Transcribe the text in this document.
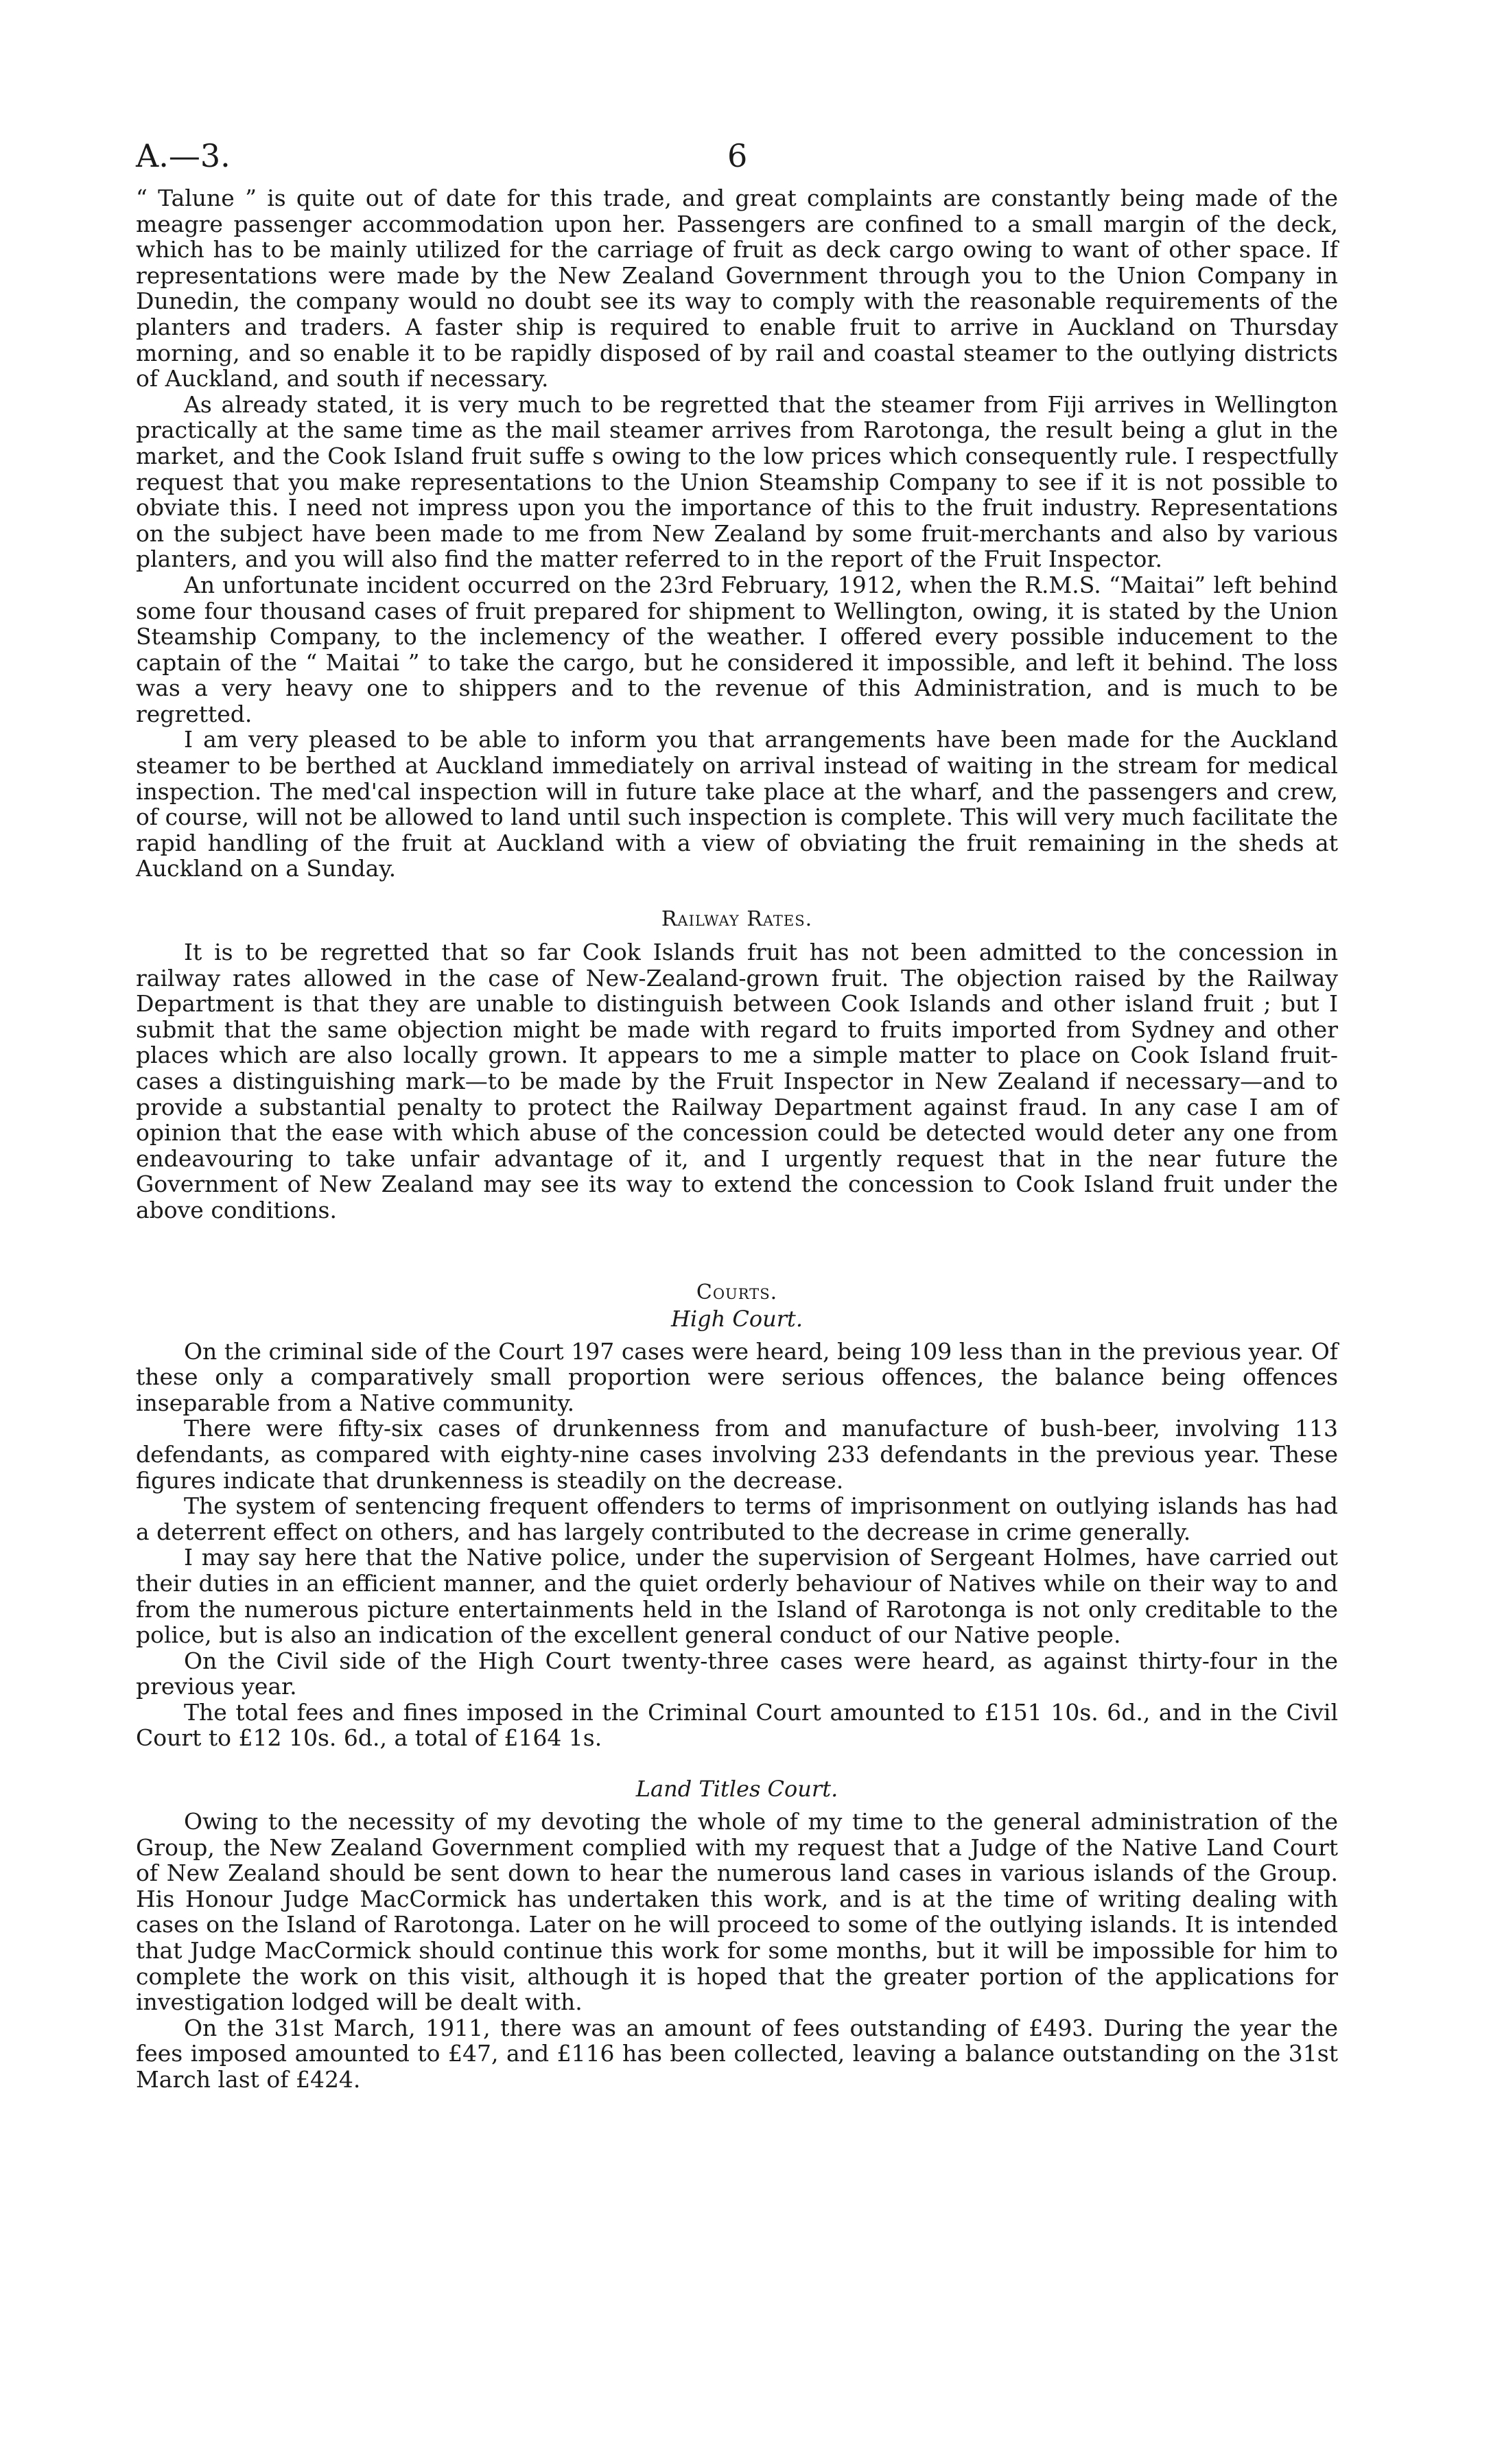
A.—3.	6

“ Talune ” is quite out of date for this trade, and great complaints are constantly being made of the meagre passenger accommodation upon her. Passengers are confined to a small margin of the deck, which has to be mainly utilized for the carriage of fruit as deck cargo owing to want of other space. If representations were made by the New Zealand Government through you to the Union Company in Dunedin, the company would no doubt see its way to comply with the reasonable requirements of the planters and traders. A faster ship is required to enable fruit to arrive in Auckland on Thursday morning, and so enable it to be rapidly disposed of by rail and coastal steamer to the outlying districts of Auckland, and south if necessary.

As already stated, it is very much to be regretted that the steamer from Fiji arrives in Wellington practically at the same time as the mail steamer arrives from Rarotonga, the result being a glut in the market, and the Cook Island fruit suffe s owing to the low prices which consequently rule. I respectfully request that you make representations to the Union Steamship Company to see if it is not possible to obviate this. I need not impress upon you the importance of this to the fruit industry. Representations on the subject have been made to me from New Zealand by some fruit-merchants and also by various planters, and you will also find the matter referred to in the report of the Fruit Inspector.

An unfortunate incident occurred on the 23rd February, 1912, when the R.M.S. “Maitai” left behind some four thousand cases of fruit prepared for shipment to Wellington, owing, it is stated by the Union Steamship Company, to the inclemency of the weather. I offered every possible inducement to the captain of the “ Maitai ” to take the cargo, but he considered it impossible, and left it behind. The loss was a very heavy one to shippers and to the revenue of this Administration, and is much to be regretted.

I am very pleased to be able to inform you that arrangements have been made for the Auckland steamer to be berthed at Auckland immediately on arrival instead of waiting in the stream for medical inspection. The med'cal inspection will in future take place at the wharf, and the passengers and crew, of course, will not be allowed to land until such inspection is complete. This will very much facilitate the rapid handling of the fruit at Auckland with a view of obviating the fruit remaining in the sheds at Auckland on a Sunday.

Railway Rates.

It is to be regretted that so far Cook Islands fruit has not been admitted to the concession in railway rates allowed in the case of New-Zealand-grown fruit. The objection raised by the Railway Department is that they are unable to distinguish between Cook Islands and other island fruit ; but I submit that the same objection might be made with regard to fruits imported from Sydney and other places which are also locally grown. It appears to me a simple matter to place on Cook Island fruit-cases a distinguishing mark—to be made by the Fruit Inspector in New Zealand if necessary—and to provide a substantial penalty to protect the Railway Department against fraud. In any case I am of opinion that the ease with which abuse of the concession could be detected would deter any one from endeavouring to take unfair advantage of it, and I urgently request that in the near future the Government of New Zealand may see its way to extend the concession to Cook Island fruit under the above conditions.

Courts.
High Court.

On the criminal side of the Court 197 cases were heard, being 109 less than in the previous year. Of these only a comparatively small proportion were serious offences, the balance being offences inseparable from a Native community.

There were fifty-six cases of drunkenness from and manufacture of bush-beer, involving 113 defendants, as compared with eighty-nine cases involving 233 defendants in the previous year. These figures indicate that drunkenness is steadily on the decrease.

The system of sentencing frequent offenders to terms of imprisonment on outlying islands has had a deterrent effect on others, and has largely contributed to the decrease in crime generally.

I may say here that the Native police, under the supervision of Sergeant Holmes, have carried out their duties in an efficient manner, and the quiet orderly behaviour of Natives while on their way to and from the numerous picture entertainments held in the Island of Rarotonga is not only creditable to the police, but is also an indication of the excellent general conduct of our Native people.

On the Civil side of the High Court twenty-three cases were heard, as against thirty-four in the previous year.

The total fees and fines imposed in the Criminal Court amounted to £151 10s. 6d., and in the Civil Court to £12 10s. 6d., a total of £164 1s.

Land Titles Court.

Owing to the necessity of my devoting the whole of my time to the general administration of the Group, the New Zealand Government complied with my request that a Judge of the Native Land Court of New Zealand should be sent down to hear the numerous land cases in various islands of the Group. His Honour Judge MacCormick has undertaken this work, and is at the time of writing dealing with cases on the Island of Rarotonga. Later on he will proceed to some of the outlying islands. It is intended that Judge MacCormick should continue this work for some months, but it will be impossible for him to complete the work on this visit, although it is hoped that the greater portion of the applications for investigation lodged will be dealt with.

On the 31st March, 1911, there was an amount of fees outstanding of £493. During the year the fees imposed amounted to £47, and £116 has been collected, leaving a balance outstanding on the 31st March last of £424.
